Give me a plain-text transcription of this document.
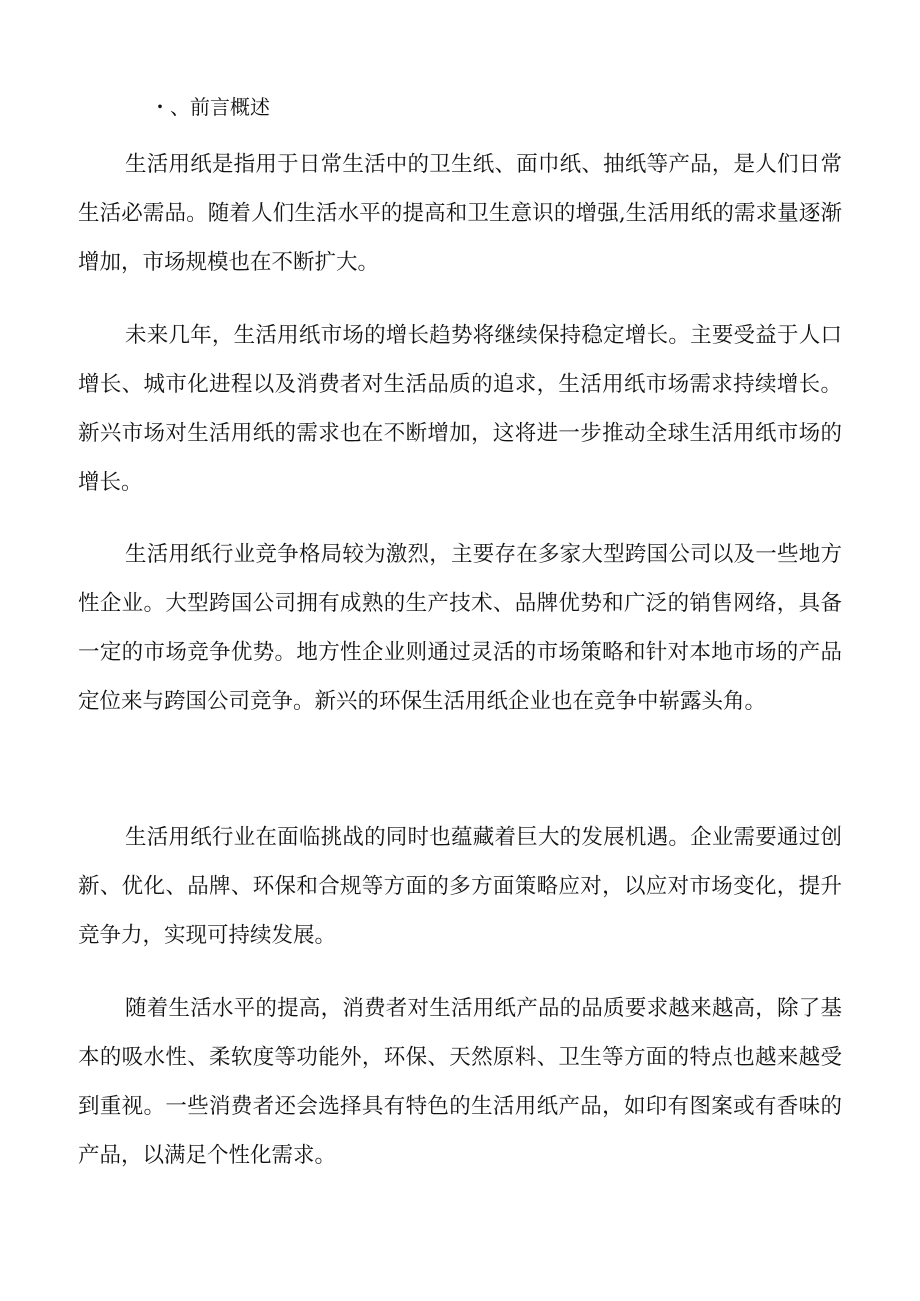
・、前言概述

生活用纸是指用于日常生活中的卫生纸、面巾纸、抽纸等产品，是人们日常生活必需品。随着人们生活水平的提高和卫生意识的增强,生活用纸的需求量逐渐增加，市场规模也在不断扩大。

未来几年，生活用纸市场的增长趋势将继续保持稳定增长。主要受益于人口增长、城市化进程以及消费者对生活品质的追求，生活用纸市场需求持续增长。新兴市场对生活用纸的需求也在不断增加，这将进一步推动全球生活用纸市场的增长。

生活用纸行业竞争格局较为激烈，主要存在多家大型跨国公司以及一些地方性企业。大型跨国公司拥有成熟的生产技术、品牌优势和广泛的销售网络，具备一定的市场竞争优势。地方性企业则通过灵活的市场策略和针对本地市场的产品定位来与跨国公司竞争。新兴的环保生活用纸企业也在竞争中崭露头角。

生活用纸行业在面临挑战的同时也蕴藏着巨大的发展机遇。企业需要通过创新、优化、品牌、环保和合规等方面的多方面策略应对，以应对市场变化，提升竞争力，实现可持续发展。

随着生活水平的提高，消费者对生活用纸产品的品质要求越来越高，除了基本的吸水性、柔软度等功能外，环保、天然原料、卫生等方面的特点也越来越受到重视。一些消费者还会选择具有特色的生活用纸产品，如印有图案或有香味的产品，以满足个性化需求。
